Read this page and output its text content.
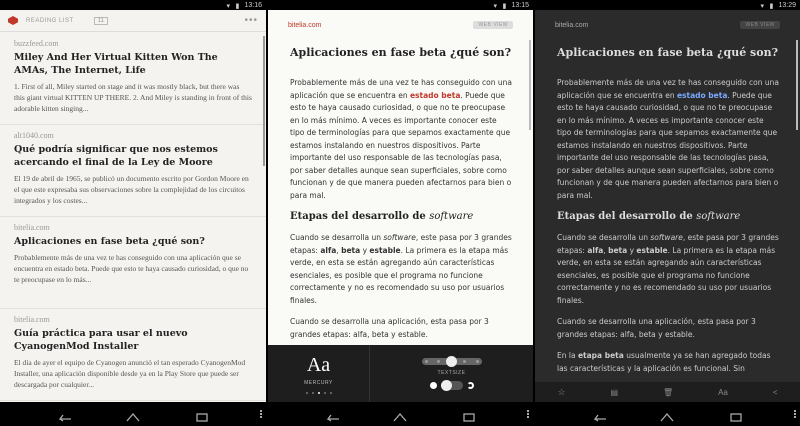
▾ ▮ 13:16
READING LIST	11	•••
buzzfeed.com
Miley And Her Virtual Kitten Won The AMAs, The Internet, Life
1. First of all, Miley started on stage and it was mostly black, but there was this giant virtual KITTEN UP THERE. 2. And Miley is standing in front of this adorable kitten singing...
alt1040.com
Qué podría significar que nos estemos acercando el final de la Ley de Moore
El 19 de abril de 1965, se publicó un documento escrito por Gordon Moore en el que este expresaba sus observaciones sobre la complejidad de los circuitos integrados y los costes...
bitelia.com
Aplicaciones en fase beta ¿qué son?
Probablemente más de una vez te has conseguido con una aplicación que se encuentra en estado beta. Puede que esto te haya causado curiosidad, o que no te preocupase en lo más...
bitelia.com
Guía práctica para usar el nuevo CyanogenMod Installer
El día de ayer el equipo de Cyanogen anunció el tan esperado CyanogenMod Installer, una aplicación disponible desde ya en la Play Store que puede ser descargada por cualquier...
▾ ▮ 13:15
bitelia.com	WEB VIEW
Aplicaciones en fase beta ¿qué son?

Probablemente más de una vez te has conseguido con una aplicación que se encuentra en estado beta. Puede que esto te haya causado curiosidad, o que no te preocupase en lo más mínimo. A veces es importante conocer este tipo de terminologías para que sepamos exactamente que estamos instalando en nuestros dispositivos. Parte importante del uso responsable de las tecnologías pasa, por saber detalles aunque sean superficiales, sobre como funcionan y de que manera pueden afectarnos para bien o para mal.

Etapas del desarrollo de software

Cuando se desarrolla un software, este pasa por 3 grandes etapas: alfa, beta y estable. La primera es la etapa más verde, en esta se están agregando aún características esenciales, es posible que el programa no funcione correctamente y no es recomendado su uso por usuarios finales.

Cuando se desarrolla una aplicación, esta pasa por 3 grandes etapas: alfa, beta y estable.

Aa
MERCURY
TEXTSIZE
▾ ▮ 13:29
bitelia.com	WEB VIEW
Aplicaciones en fase beta ¿qué son?

Probablemente más de una vez te has conseguido con una aplicación que se encuentra en estado beta. Puede que esto te haya causado curiosidad, o que no te preocupase en lo más mínimo. A veces es importante conocer este tipo de terminologías para que sepamos exactamente que estamos instalando en nuestros dispositivos. Parte importante del uso responsable de las tecnologías pasa, por saber detalles aunque sean superficiales, sobre como funcionan y de que manera pueden afectarnos para bien o para mal.

Etapas del desarrollo de software

Cuando se desarrolla un software, este pasa por 3 grandes etapas: alfa, beta y estable. La primera es la etapa más verde, en esta se están agregando aún características esenciales, es posible que el programa no funcione correctamente y no es recomendado su uso por usuarios finales.

Cuando se desarrolla una aplicación, esta pasa por 3 grandes etapas: alfa, beta y estable.

En la etapa beta usualmente ya se han agregado todas las características y la aplicación es funcional. Sin

☆	▤	🗑	Aa	<
